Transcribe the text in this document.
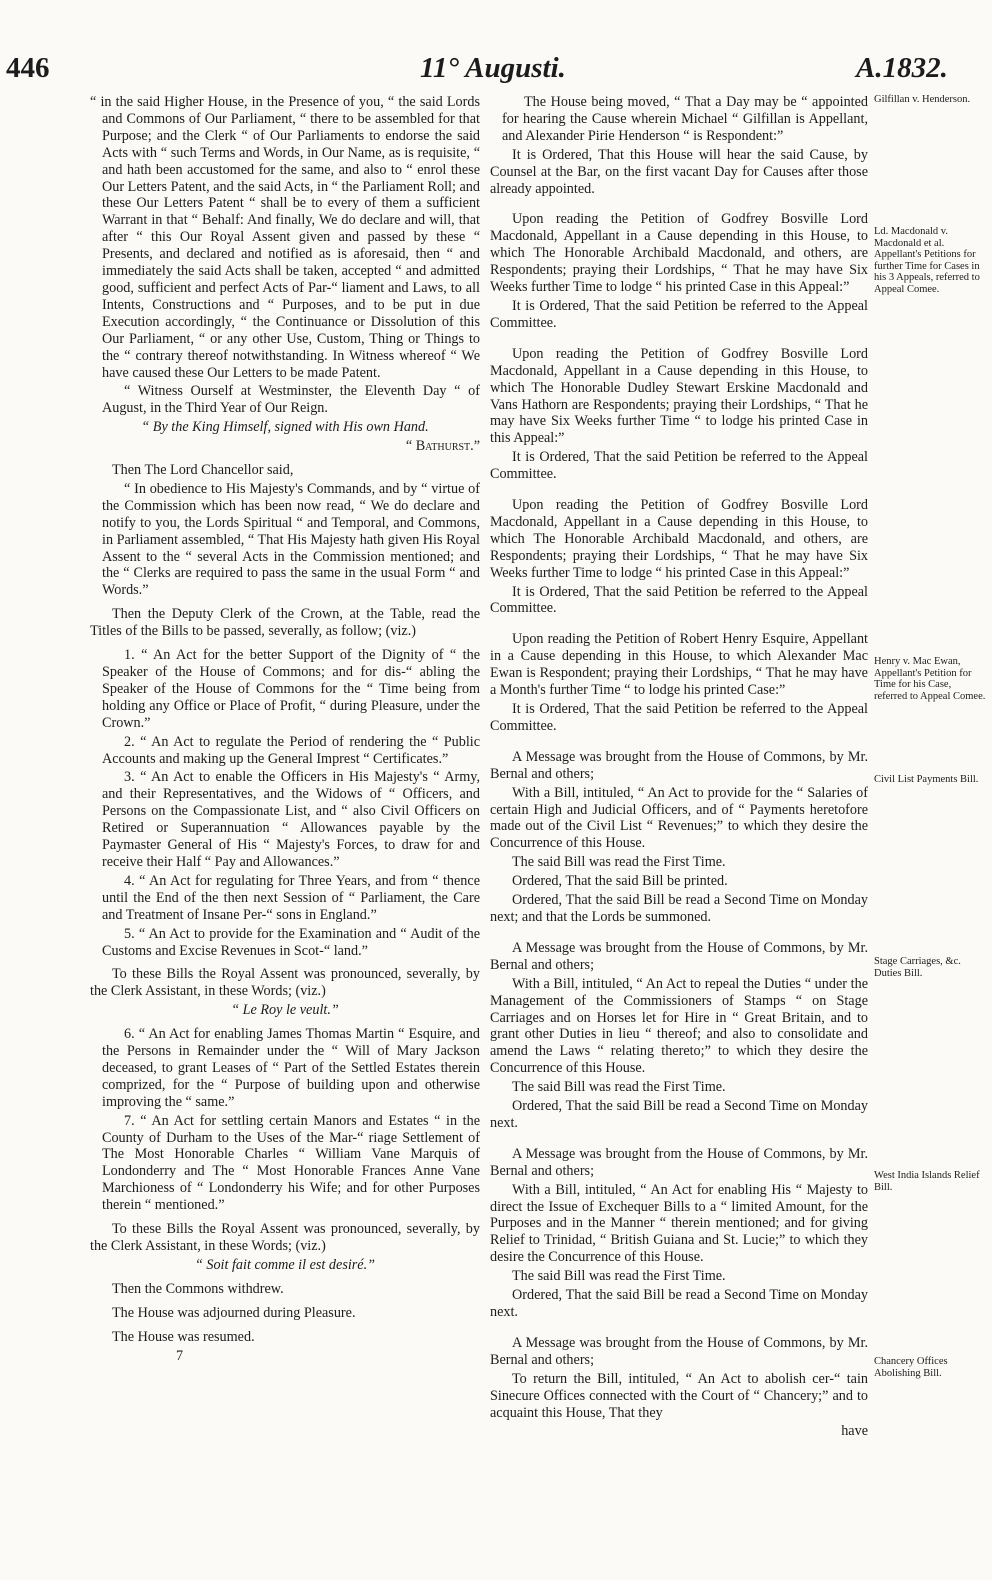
446	11° Augusti.	A.1832.

“ in the said Higher House, in the Presence of you, “ the said Lords and Commons of Our Parliament, “ there to be assembled for that Purpose; and the Clerk “ of Our Parliaments to endorse the said Acts with “ such Terms and Words, in Our Name, as is requisite, “ and hath been accustomed for the same, and also to “ enrol these Our Letters Patent, and the said Acts, in “ the Parliament Roll; and these Our Letters Patent “ shall be to every of them a sufficient Warrant in that “ Behalf: And finally, We do declare and will, that after “ this Our Royal Assent given and passed by these “ Presents, and declared and notified as is aforesaid, then “ and immediately the said Acts shall be taken, accepted “ and admitted good, sufficient and perfect Acts of Par-“ liament and Laws, to all Intents, Constructions and “ Purposes, and to be put in due Execution accordingly, “ the Continuance or Dissolution of this Our Parliament, “ or any other Use, Custom, Thing or Things to the “ contrary thereof notwithstanding. In Witness whereof “ We have caused these Our Letters to be made Patent.

“ Witness Ourself at Westminster, the Eleventh Day “ of August, in the Third Year of Our Reign.

“ By the King Himself, signed with His own Hand.

“ Bathurst.”

Then The Lord Chancellor said,

“ In obedience to His Majesty's Commands, and by “ virtue of the Commission which has been now read, “ We do declare and notify to you, the Lords Spiritual “ and Temporal, and Commons, in Parliament assembled, “ That His Majesty hath given His Royal Assent to the “ several Acts in the Commission mentioned; and the “ Clerks are required to pass the same in the usual Form “ and Words.”

Then the Deputy Clerk of the Crown, at the Table, read the Titles of the Bills to be passed, severally, as follow; (viz.)

1. “ An Act for the better Support of the Dignity of “ the Speaker of the House of Commons; and for dis-“ abling the Speaker of the House of Commons for the “ Time being from holding any Office or Place of Profit, “ during Pleasure, under the Crown.”

2. “ An Act to regulate the Period of rendering the “ Public Accounts and making up the General Imprest “ Certificates.”

3. “ An Act to enable the Officers in His Majesty's “ Army, and their Representatives, and the Widows of “ Officers, and Persons on the Compassionate List, and “ also Civil Officers on Retired or Superannuation “ Allowances payable by the Paymaster General of His “ Majesty's Forces, to draw for and receive their Half “ Pay and Allowances.”

4. “ An Act for regulating for Three Years, and from “ thence until the End of the then next Session of “ Parliament, the Care and Treatment of Insane Per-“ sons in England.”

5. “ An Act to provide for the Examination and “ Audit of the Customs and Excise Revenues in Scot-“ land.”

To these Bills the Royal Assent was pronounced, severally, by the Clerk Assistant, in these Words; (viz.)

“ Le Roy le veult.”

6. “ An Act for enabling James Thomas Martin “ Esquire, and the Persons in Remainder under the “ Will of Mary Jackson deceased, to grant Leases of “ Part of the Settled Estates therein comprized, for the “ Purpose of building upon and otherwise improving the “ same.”

7. “ An Act for settling certain Manors and Estates “ in the County of Durham to the Uses of the Mar-“ riage Settlement of The Most Honorable Charles “ William Vane Marquis of Londonderry and The “ Most Honorable Frances Anne Vane Marchioness of “ Londonderry his Wife; and for other Purposes therein “ mentioned.”

To these Bills the Royal Assent was pronounced, severally, by the Clerk Assistant, in these Words; (viz.)

“ Soit fait comme il est desiré.”

Then the Commons withdrew.

The House was adjourned during Pleasure.

The House was resumed.

7

The House being moved, “ That a Day may be “ appointed for hearing the Cause wherein Michael “ Gilfillan is Appellant, and Alexander Pirie Henderson “ is Respondent:”

It is Ordered, That this House will hear the said Cause, by Counsel at the Bar, on the first vacant Day for Causes after those already appointed.

Upon reading the Petition of Godfrey Bosville Lord Macdonald, Appellant in a Cause depending in this House, to which The Honorable Archibald Macdonald, and others, are Respondents; praying their Lordships, “ That he may have Six Weeks further Time to lodge “ his printed Case in this Appeal:”

It is Ordered, That the said Petition be referred to the Appeal Committee.

Upon reading the Petition of Godfrey Bosville Lord Macdonald, Appellant in a Cause depending in this House, to which The Honorable Dudley Stewart Erskine Macdonald and Vans Hathorn are Respondents; praying their Lordships, “ That he may have Six Weeks further Time “ to lodge his printed Case in this Appeal:”

It is Ordered, That the said Petition be referred to the Appeal Committee.

Upon reading the Petition of Godfrey Bosville Lord Macdonald, Appellant in a Cause depending in this House, to which The Honorable Archibald Macdonald, and others, are Respondents; praying their Lordships, “ That he may have Six Weeks further Time to lodge “ his printed Case in this Appeal:”

It is Ordered, That the said Petition be referred to the Appeal Committee.

Upon reading the Petition of Robert Henry Esquire, Appellant in a Cause depending in this House, to which Alexander Mac Ewan is Respondent; praying their Lordships, “ That he may have a Month's further Time “ to lodge his printed Case:”

It is Ordered, That the said Petition be referred to the Appeal Committee.

A Message was brought from the House of Commons, by Mr. Bernal and others;

With a Bill, intituled, “ An Act to provide for the “ Salaries of certain High and Judicial Officers, and of “ Payments heretofore made out of the Civil List “ Revenues;” to which they desire the Concurrence of this House.

The said Bill was read the First Time.

Ordered, That the said Bill be printed.

Ordered, That the said Bill be read a Second Time on Monday next; and that the Lords be summoned.

A Message was brought from the House of Commons, by Mr. Bernal and others;

With a Bill, intituled, “ An Act to repeal the Duties “ under the Management of the Commissioners of Stamps “ on Stage Carriages and on Horses let for Hire in “ Great Britain, and to grant other Duties in lieu “ thereof; and also to consolidate and amend the Laws “ relating thereto;” to which they desire the Concurrence of this House.

The said Bill was read the First Time.

Ordered, That the said Bill be read a Second Time on Monday next.

A Message was brought from the House of Commons, by Mr. Bernal and others;

With a Bill, intituled, “ An Act for enabling His “ Majesty to direct the Issue of Exchequer Bills to a “ limited Amount, for the Purposes and in the Manner “ therein mentioned; and for giving Relief to Trinidad, “ British Guiana and St. Lucie;” to which they desire the Concurrence of this House.

The said Bill was read the First Time.

Ordered, That the said Bill be read a Second Time on Monday next.

A Message was brought from the House of Commons, by Mr. Bernal and others;

To return the Bill, intituled, “ An Act to abolish cer-“ tain Sinecure Offices connected with the Court of “ Chancery;” and to acquaint this House, That they

have

Gilfillan v. Henderson.
Ld. Macdonald v. Macdonald et al. Appellant's Petitions for further Time for Cases in his 3 Appeals, referred to Appeal Comee.
Henry v. Mac Ewan, Appellant's Petition for Time for his Case, referred to Appeal Comee.
Civil List Payments Bill.
Stage Carriages, &c. Duties Bill.
West India Islands Relief Bill.
Chancery Offices Abolishing Bill.
